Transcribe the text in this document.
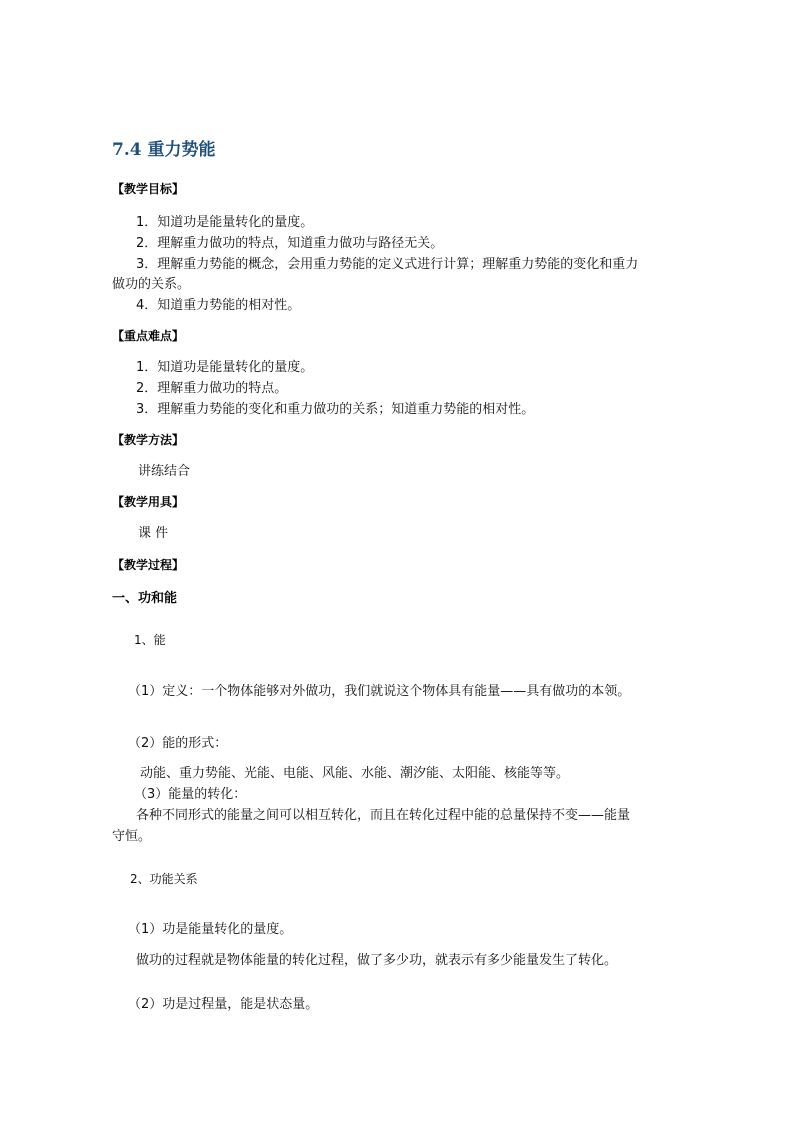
7.4 重力势能
【教学目标】
1．知道功是能量转化的量度。
2．理解重力做功的特点，知道重力做功与路径无关。
3．理解重力势能的概念，会用重力势能的定义式进行计算；理解重力势能的变化和重力
做功的关系。
4．知道重力势能的相对性。
【重点难点】
1．知道功是能量转化的量度。
2．理解重力做功的特点。
3．理解重力势能的变化和重力做功的关系；知道重力势能的相对性。
【教学方法】
讲练结合
【教学用具】
课 件
【教学过程】
一、功和能
1、能
（1）定义：一个物体能够对外做功，我们就说这个物体具有能量——具有做功的本领。
（2）能的形式：
动能、重力势能、光能、电能、风能、水能、潮汐能、太阳能、核能等等。
（3）能量的转化：
各种不同形式的能量之间可以相互转化，而且在转化过程中能的总量保持不变——能量
守恒。
2、功能关系
（1）功是能量转化的量度。
做功的过程就是物体能量的转化过程，做了多少功，就表示有多少能量发生了转化。
（2）功是过程量，能是状态量。
